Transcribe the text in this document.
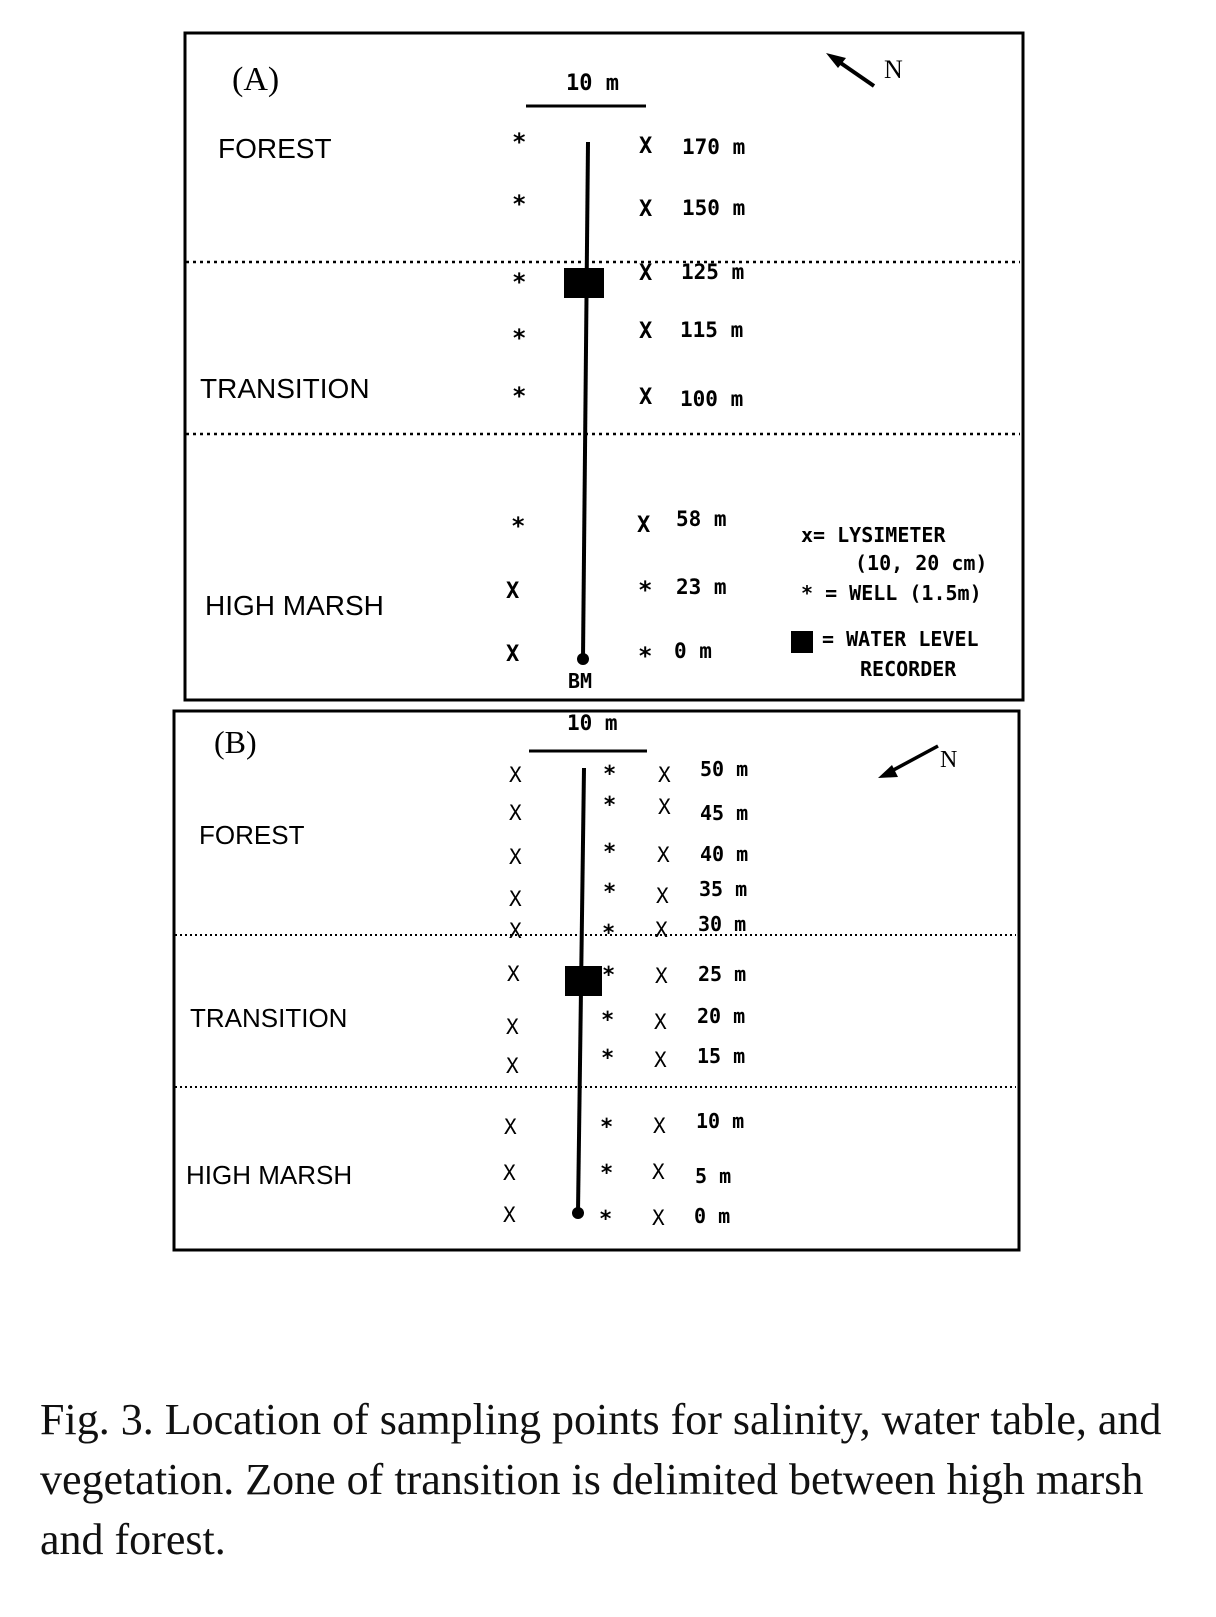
(A)	10 m	N
FOREST
TRANSITION
HIGH MARSH
BM
*
*
*
*
*
*
X
X
X
X
X
X
X
X
*
*
170 m
150 m
125 m
115 m
100 m
58 m
23 m
0 m
x= LYSIMETER
(10, 20 cm)
* = WELL (1.5m)
= WATER LEVEL
RECORDER
(B)
10 m
N
FOREST
TRANSITION
HIGH MARSH
X
X
X
X
X
X
X
X
X
X
X
*
*
*
*
*
*
*
*
*
*
*
X
X
X
X
X
X
X
X
X
X
X
50 m
45 m
40 m
35 m
30 m
25 m
20 m
15 m
10 m
5 m
0 m
Fig. 3. Location of sampling points for salinity, water table, and vegetation. Zone of transition is delimited between high marsh and forest.
